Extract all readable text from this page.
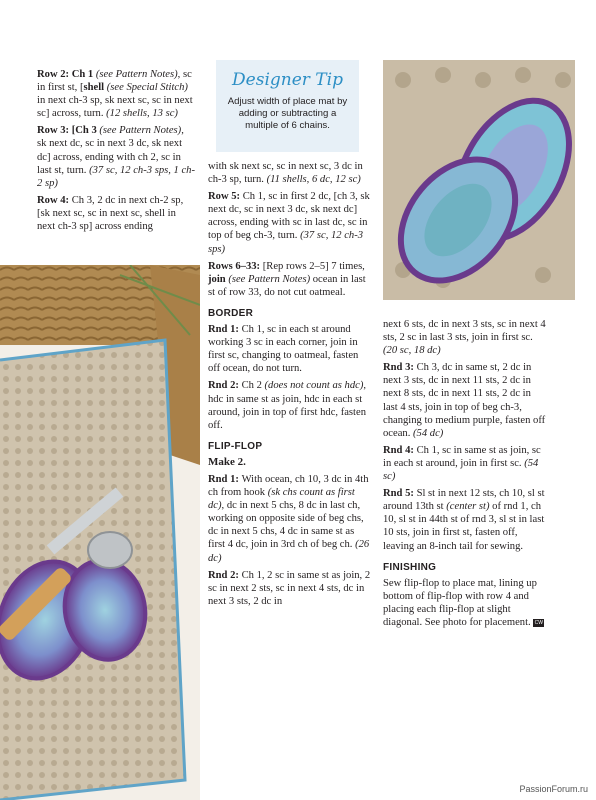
Designer Tip
Adjust width of place mat by adding or subtracting a multiple of 6 chains.

Row 2: Ch 1 (see Pattern Notes), sc in first st, [shell (see Special Stitch) in next ch-3 sp, sk next sc, sc in next sc] across, turn. (12 shells, 13 sc)

Row 3: [Ch 3 (see Pattern Notes), sk next dc, sc in next 3 dc, sk next dc] across, ending with ch 2, sc in last st, turn. (37 sc, 12 ch-3 sps, 1 ch-2 sp)

Row 4: Ch 3, 2 dc in next ch-2 sp, [sk next sc, sc in next sc, shell in next ch-3 sp] across ending

with sk next sc, sc in next sc, 3 dc in ch-3 sp, turn. (11 shells, 6 dc, 12 sc)

Row 5: Ch 1, sc in first 2 dc, [ch 3, sk next dc, sc in next 3 dc, sk next dc] across, ending with sc in last dc, sc in top of beg ch-3, turn. (37 sc, 12 ch-3 sps)

Rows 6–33: [Rep rows 2–5] 7 times, join (see Pattern Notes) ocean in last st of row 33, do not cut oatmeal.

BORDER

Rnd 1: Ch 1, sc in each st around working 3 sc in each corner, join in first sc, changing to oatmeal, fasten off ocean, do not turn.

Rnd 2: Ch 2 (does not count as hdc), hdc in same st as join, hdc in each st around, join in top of first hdc, fasten off.

FLIP-FLOP
Make 2.

Rnd 1: With ocean, ch 10, 3 dc in 4th ch from hook (sk chs count as first dc), dc in next 5 chs, 8 dc in last ch, working on opposite side of beg chs, dc in next 5 chs, 4 dc in same st as first 4 dc, join in 3rd ch of beg ch. (26 dc)

Rnd 2: Ch 1, 2 sc in same st as join, 2 sc in next 2 sts, sc in next 4 sts, dc in next 3 sts, 2 dc in

next 6 sts, dc in next 3 sts, sc in next 4 sts, 2 sc in last 3 sts, join in first sc. (20 sc, 18 dc)

Rnd 3: Ch 3, dc in same st, 2 dc in next 3 sts, dc in next 11 sts, 2 dc in next 8 sts, dc in next 11 sts, 2 dc in last 4 sts, join in top of beg ch-3, changing to medium purple, fasten off ocean. (54 dc)

Rnd 4: Ch 1, sc in same st as join, sc in each st around, join in first sc. (54 sc)

Rnd 5: Sl st in next 12 sts, ch 10, sl st around 13th st (center st) of rnd 1, ch 10, sl st in 44th st of rnd 3, sl st in last 10 sts, join in first st, fasten off, leaving an 8-inch tail for sewing.

FINISHING

Sew flip-flop to place mat, lining up bottom of flip-flop with row 4 and placing each flip-flop at slight diagonal. See photo for placement. CW

PassionForum.ru
